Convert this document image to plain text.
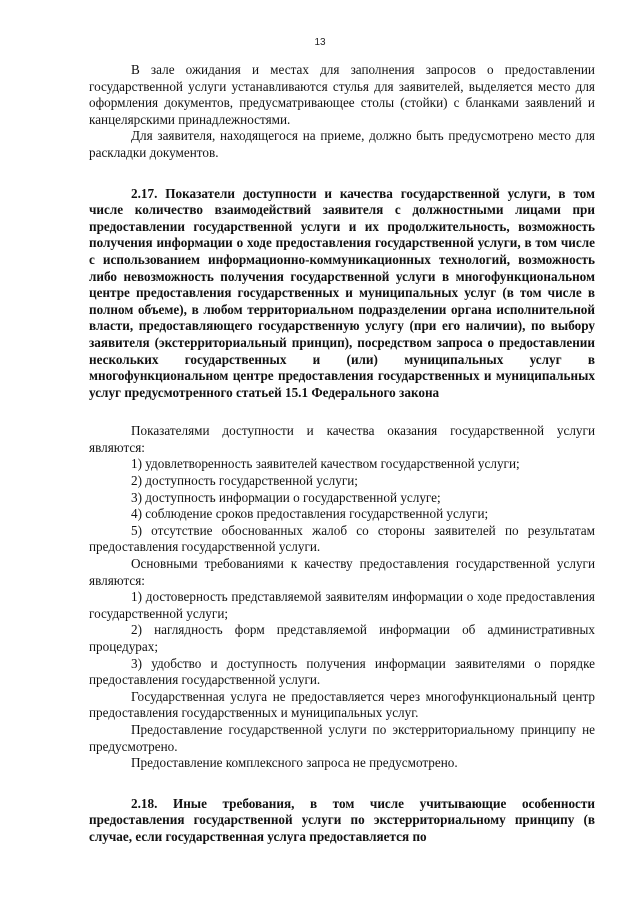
13

В зале ожидания и местах для заполнения запросов о предоставлении государственной услуги устанавливаются стулья для заявителей, выделяется место для оформления документов, предусматривающее столы (стойки) с бланками заявлений и канцелярскими принадлежностями.

Для заявителя, находящегося на приеме, должно быть предусмотрено место для раскладки документов.

2.17. Показатели доступности и качества государственной услуги, в том числе количество взаимодействий заявителя с должностными лицами при предоставлении государственной услуги и их продолжительность, возможность получения информации о ходе предоставления государственной услуги, в том числе с использованием информационно-коммуникационных технологий, возможность либо невозможность получения государственной услуги в многофункциональном центре предоставления государственных и муниципальных услуг (в том числе в полном объеме), в любом территориальном подразделении органа исполнительной власти, предоставляющего государственную услугу (при его наличии), по выбору заявителя (экстерриториальный принцип), посредством запроса о предоставлении нескольких государственных и (или) муниципальных услуг в многофункциональном центре предоставления государственных и муниципальных услуг предусмотренного статьей 15.1 Федерального закона

Показателями доступности и качества оказания государственной услуги являются:

1) удовлетворенность заявителей качеством государственной услуги;

2) доступность государственной услуги;

3) доступность информации о государственной услуге;

4) соблюдение сроков предоставления государственной услуги;

5) отсутствие обоснованных жалоб со стороны заявителей по результатам предоставления государственной услуги.

Основными требованиями к качеству предоставления государственной услуги являются:

1) достоверность представляемой заявителям информации о ходе предоставления государственной услуги;

2) наглядность форм представляемой информации об административных процедурах;

3) удобство и доступность получения информации заявителями о порядке предоставления государственной услуги.

Государственная услуга не предоставляется через многофункциональный центр предоставления государственных и муниципальных услуг.

Предоставление государственной услуги по экстерриториальному принципу не предусмотрено.

Предоставление комплексного запроса не предусмотрено.

2.18. Иные требования, в том числе учитывающие особенности предоставления государственной услуги по экстерриториальному принципу (в случае, если государственная услуга предоставляется по
